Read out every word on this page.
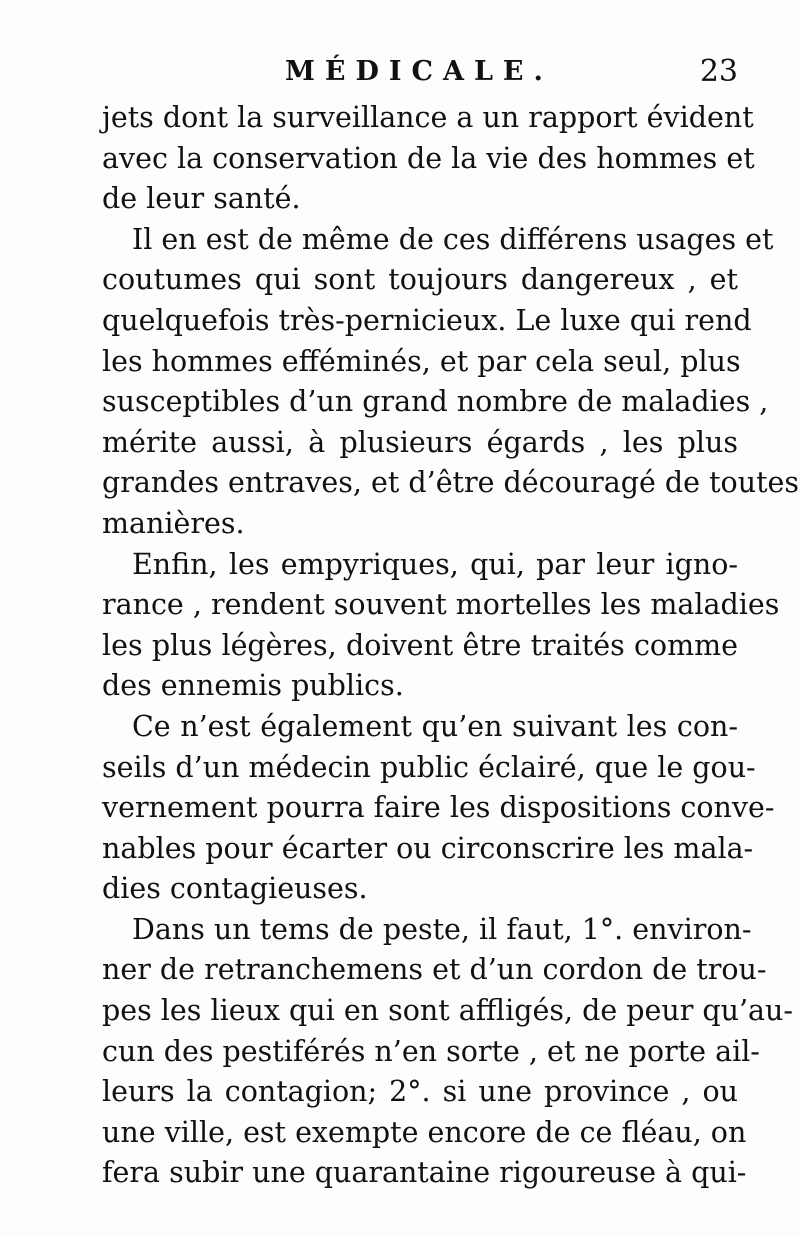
MÉDICALE.	23
jets dont la surveillance a un rapport évident
avec la conservation de la vie des hommes et
de leur santé.
Il en est de même de ces différens usages et
coutumes qui sont toujours dangereux , et
quelquefois très-pernicieux. Le luxe qui rend
les hommes efféminés, et par cela seul, plus
susceptibles d’un grand nombre de maladies ,
mérite aussi, à plusieurs égards , les plus
grandes entraves, et d’être découragé de toutes
manières.
Enfin, les empyriques, qui, par leur igno-
rance , rendent souvent mortelles les maladies
les plus légères, doivent être traités comme
des ennemis publics.
Ce n’est également qu’en suivant les con-
seils d’un médecin public éclairé, que le gou-
vernement pourra faire les dispositions conve-
nables pour écarter ou circonscrire les mala-
dies contagieuses.
Dans un tems de peste, il faut, 1°. environ-
ner de retranchemens et d’un cordon de trou-
pes les lieux qui en sont affligés, de peur qu’au-
cun des pestiférés n’en sorte , et ne porte ail-
leurs la contagion; 2°. si une province , ou
une ville, est exempte encore de ce fléau, on
fera subir une quarantaine rigoureuse à qui-
